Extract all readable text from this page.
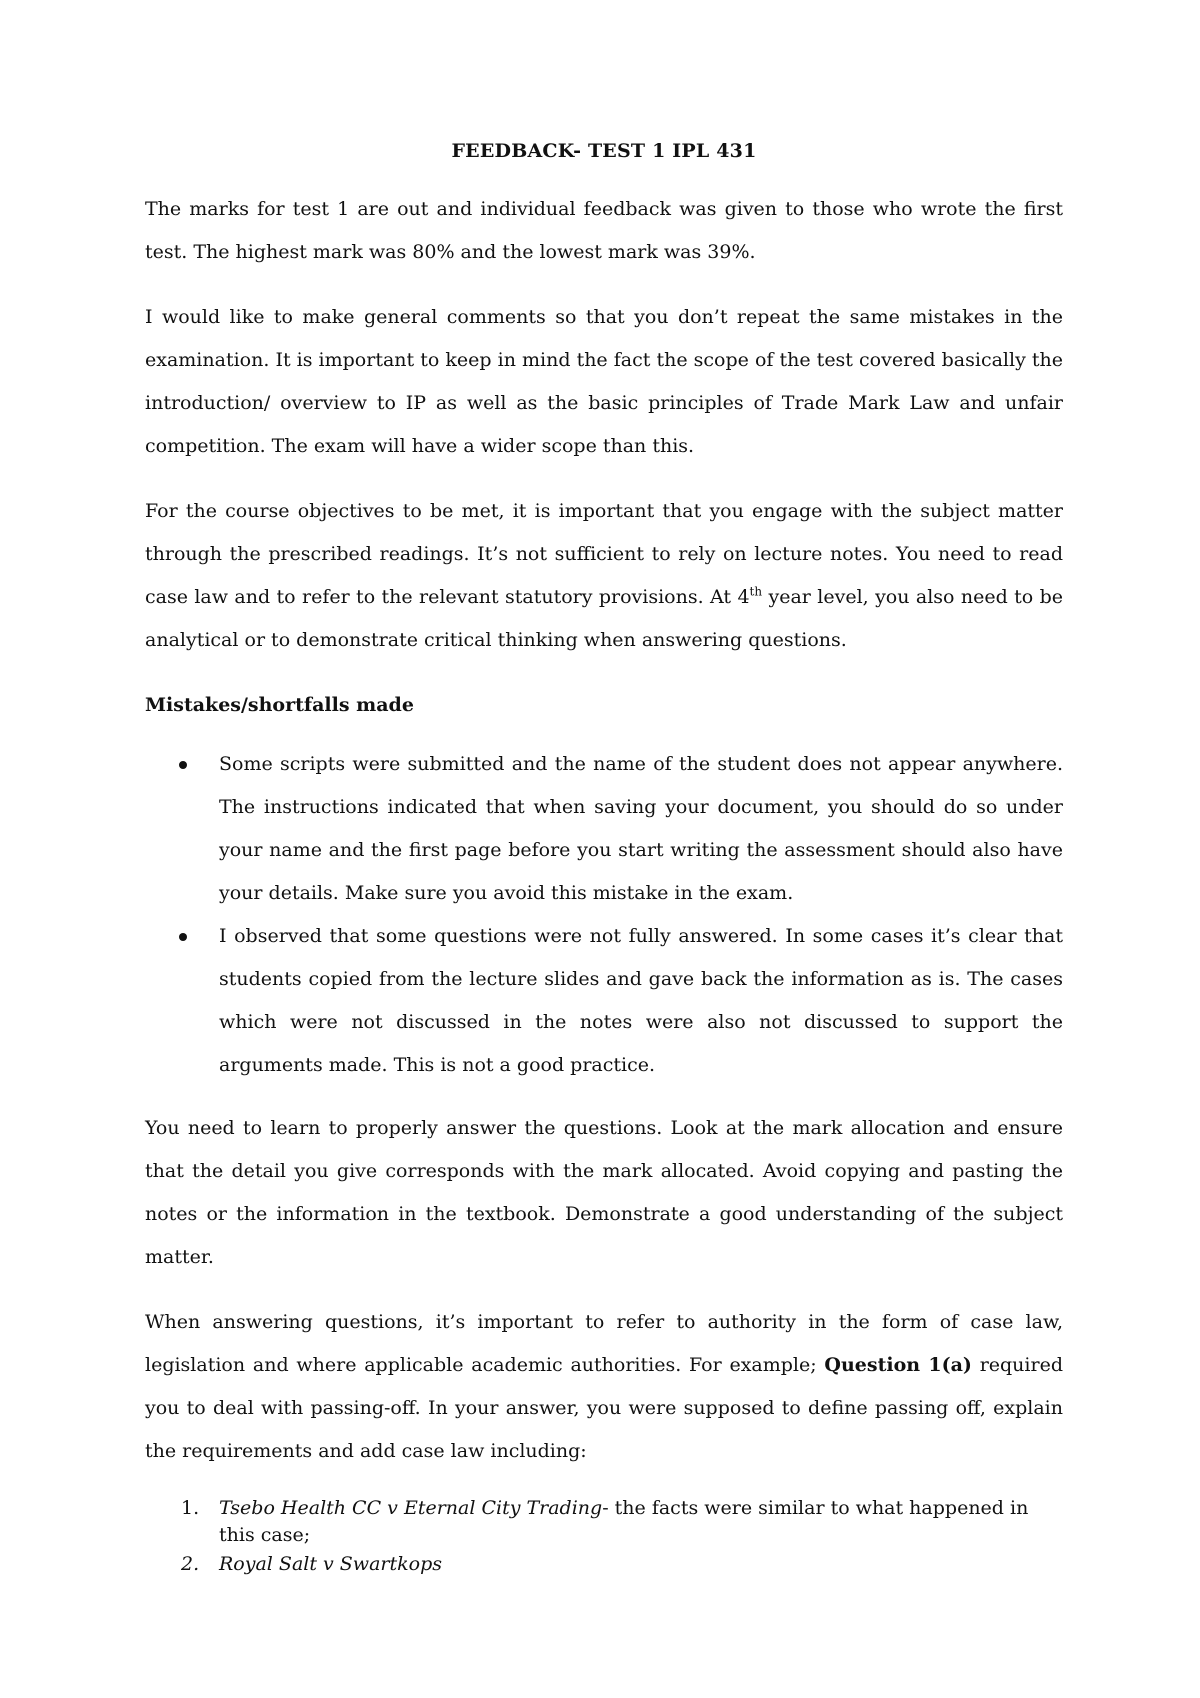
FEEDBACK- TEST 1 IPL 431

The marks for test 1 are out and individual feedback was given to those who wrote the first test. The highest mark was 80% and the lowest mark was 39%.

I would like to make general comments so that you don’t repeat the same mistakes in the examination. It is important to keep in mind the fact the scope of the test covered basically the introduction/ overview to IP as well as the basic principles of Trade Mark Law and unfair competition. The exam will have a wider scope than this.

For the course objectives to be met, it is important that you engage with the subject matter through the prescribed readings. It’s not sufficient to rely on lecture notes. You need to read case law and to refer to the relevant statutory provisions. At 4th year level, you also need to be analytical or to demonstrate critical thinking when answering questions.

Mistakes/shortfalls made
Some scripts were submitted and the name of the student does not appear anywhere. The instructions indicated that when saving your document, you should do so under your name and the first page before you start writing the assessment should also have your details. Make sure you avoid this mistake in the exam.
I observed that some questions were not fully answered. In some cases it’s clear that students copied from the lecture slides and gave back the information as is. The cases which were not discussed in the notes were also not discussed to support the arguments made. This is not a good practice.

You need to learn to properly answer the questions. Look at the mark allocation and ensure that the detail you give corresponds with the mark allocated. Avoid copying and pasting the notes or the information in the textbook. Demonstrate a good understanding of the subject matter.

When answering questions, it’s important to refer to authority in the form of case law, legislation and where applicable academic authorities. For example; Question 1(a) required you to deal with passing-off. In your answer, you were supposed to define passing off, explain the requirements and add case law including:

1. Tsebo Health CC v Eternal City Trading- the facts were similar to what happened in this case;
2. Royal Salt v Swartkops
